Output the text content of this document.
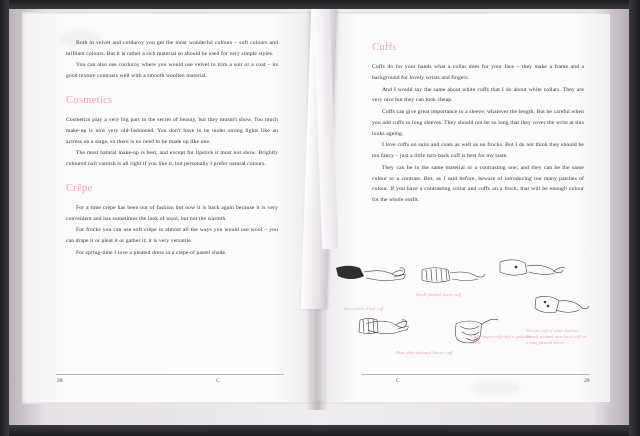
Both in velvet and corduroy you get the most wonderful colours – soft colours and brilliant colours. But it is rather a rich material so should be used for very simple styles.

You can also use corduroy where you would use velvet to trim a suit or a coat – its good texture contrasts well with a smooth woollen material.

Cosmetics

Cosmetics play a very big part in the secret of beauty, but they mustn't show. Too much make-up is now very old-fashioned. You don't have to be under strong lights like an actress on a stage, so there is no need to be made up like one.

The most natural make-up is best, and except for lipstick it must not show. Brightly coloured nail varnish is all right if you like it, but personally I prefer natural colours.

Crêpe

For a time crêpe has been out of fashion but now it is back again because it is very convenient and has sometimes the look of wool, but not the warmth.

For frocks you can use soft crêpe in almost all the ways you would use wool – you can drape it or pleat it or gather it; it is very versatile.

For spring-time I love a pleated dress in a crepe of pastel shade.

Cuffs

Cuffs do for your hands what a collar does for your face – they make a frame and a background for lovely wrists and fingers.

And I would say the same about white cuffs that I do about white collars. They are very nice but they can look cheap.

Cuffs can give great importance to a sleeve, whatever the length. But be careful when you add cuffs to long sleeves. They should not be so long that they cover the wrist at this looks ageing.

I love cuffs on suits and coats as well as on frocks. But I do not think they should be too fancy – just a little turn-back cuff is best for my taste.

They can be in the same material or a contrasting one; and they can be the same colour or a contrast. But, as I said before, beware of introducing too many patches of colour. If you have a contrasting collar and cuffs on a frock, that will be enough colour for the whole outfit.

Detachable fitted cuff
Small pleated sleeve cuff
Neat shirt-buttoned blouse cuff
A full shaped cuff with a gathered sleeve
Narrow cuff of white buttons. Deeply pointed turn-back cuff on a long pleated sleeve
28	29
C	C
